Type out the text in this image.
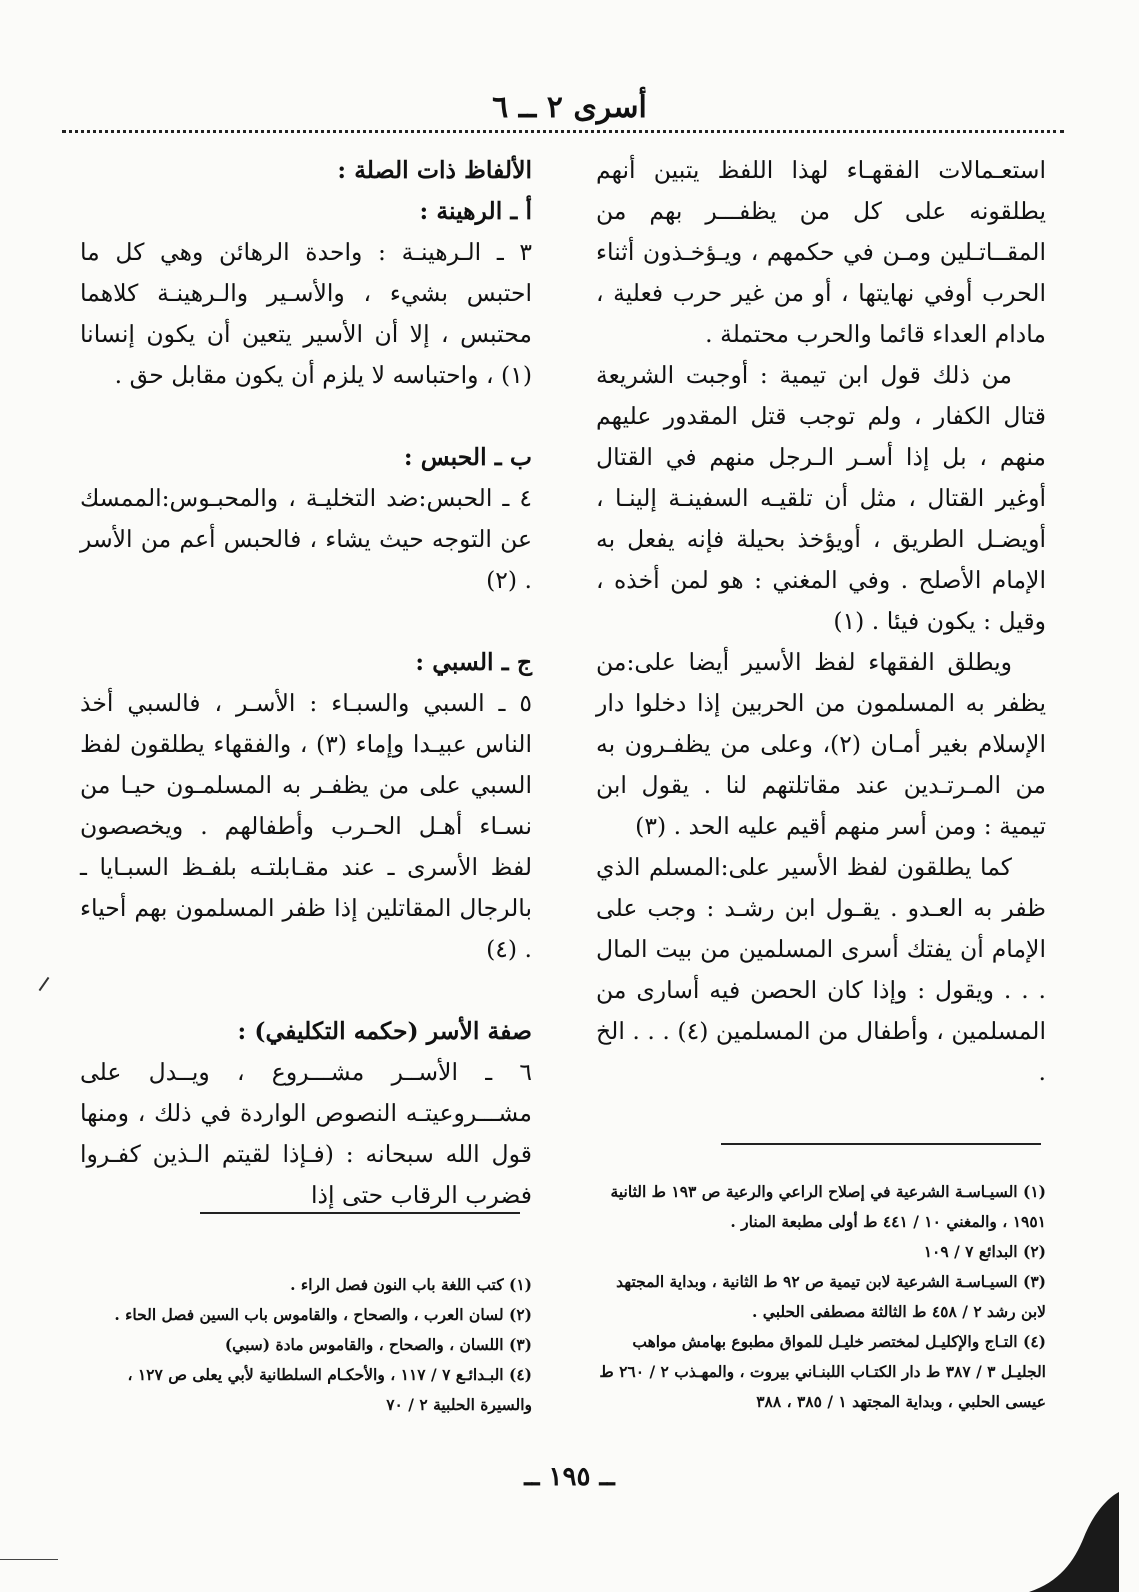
أسرى ٢ ــ ٦

استعـمالات الفقهـاء لهذا اللفظ يتبين أنهم يطلقونه على كل من يظفـــر بهم من المقــاتـلين ومـن في حكمهم ، ويـؤخـذون أثناء الحرب أوفي نهايتها ، أو من غير حرب فعلية ، مادام العداء قائما والحرب محتملة .

من ذلك قول ابن تيمية : أوجبت الشريعة قتال الكفار ، ولم توجب قتل المقدور عليهم منهم ، بل إذا أسـر الـرجل منهم في القتال أوغير القتال ، مثل أن تلقيـه السفينـة إلينـا ، أويضـل الطريق ، أويؤخذ بحيلة فإنه يفعل به الإمام الأصلح . وفي المغني : هو لمن أخذه ، وقيل : يكون فيئا . (١)

ويطلق الفقهاء لفظ الأسير أيضا على:من يظفر به المسلمون من الحربين إذا دخلوا دار الإسلام بغير أمـان (٢)، وعلى من يظفـرون به من المـرتـدين عند مقاتلتهم لنا . يقول ابن تيمية : ومن أسر منهم أقيم عليه الحد . (٣)

كما يطلقون لفظ الأسير على:المسلم الذي ظفر به العـدو . يقـول ابن رشـد : وجب على الإمام أن يفتك أسرى المسلمين من بيت المال . . . ويقول : وإذا كان الحصن فيه أسارى من المسلمين ، وأطفال من المسلمين (٤) . . . الخ .

الألفاظ ذات الصلة :

أ ـ الرهينة :

٣ ـ الـرهينـة : واحدة الرهائن وهي كل ما احتبس بشيء ، والأسـير والـرهينـة كلاهما محتبس ، إلا أن الأسير يتعين أن يكون إنسانا (١) ، واحتباسه لا يلزم أن يكون مقابل حق .

ب ـ الحبس :

٤ ـ الحبس:ضد التخليـة ، والمحبـوس:الممسك عن التوجه حيث يشاء ، فالحبس أعم من الأسر . (٢)

ج ـ السبي :

٥ ـ السبي والسبـاء : الأسـر ، فالسبي أخذ الناس عبيـدا وإماء (٣) ، والفقهاء يطلقون لفظ السبي على من يظفـر به المسلمـون حيـا من نسـاء أهـل الحـرب وأطفالهم . ويخصصون لفظ الأسرى ـ عند مقـابلتـه بلفـظ السبـايا ـ بالرجال المقاتلين إذا ظفر المسلمون بهم أحياء . (٤)

صفة الأسر (حكمه التكليفي) :

٦ ـ الأســر مشـــروع ، ويــدل على مشـــروعيتـه النصوص الواردة في ذلك ، ومنها قول الله سبحانه : (فـإذا لقيتم الـذين كفـروا فضرب الرقاب حتى إذا	(١) السيـاسـة الشرعية في إصلاح الراعي والرعية ص ١٩٣ ط الثانية ١٩٥١ ، والمغني ١٠ / ٤٤١ ط أولى مطبعة المنار .

(٢) البدائع ٧ / ١٠٩

(٣) السيـاسـة الشرعية لابن تيمية ص ٩٢ ط الثانية ، وبداية المجتهد لابن رشد ٢ / ٤٥٨ ط الثالثة مصطفى الحلبي .

(٤) التـاج والإكليـل لمختصر خليـل للمواق مطبوع بهامش مواهب الجليـل ٣ / ٣٨٧ ط دار الكتـاب اللبنـاني بيروت ، والمهـذب ٢ / ٢٦٠ ط عيسى الحلبي ، وبداية المجتهد ١ / ٣٨٥ ، ٣٨٨

(١) كتب اللغة باب النون فصل الراء .

(٢) لسان العرب ، والصحاح ، والقاموس باب السين فصل الحاء .

(٣) اللسان ، والصحاح ، والقاموس مادة (سبي)

(٤) البـدائـع ٧ / ١١٧ ، والأحكـام السلطانية لأبي يعلى ص ١٢٧ ، والسيرة الحلبية ٢ / ٧٠

ــ ١٩٥ ــ
